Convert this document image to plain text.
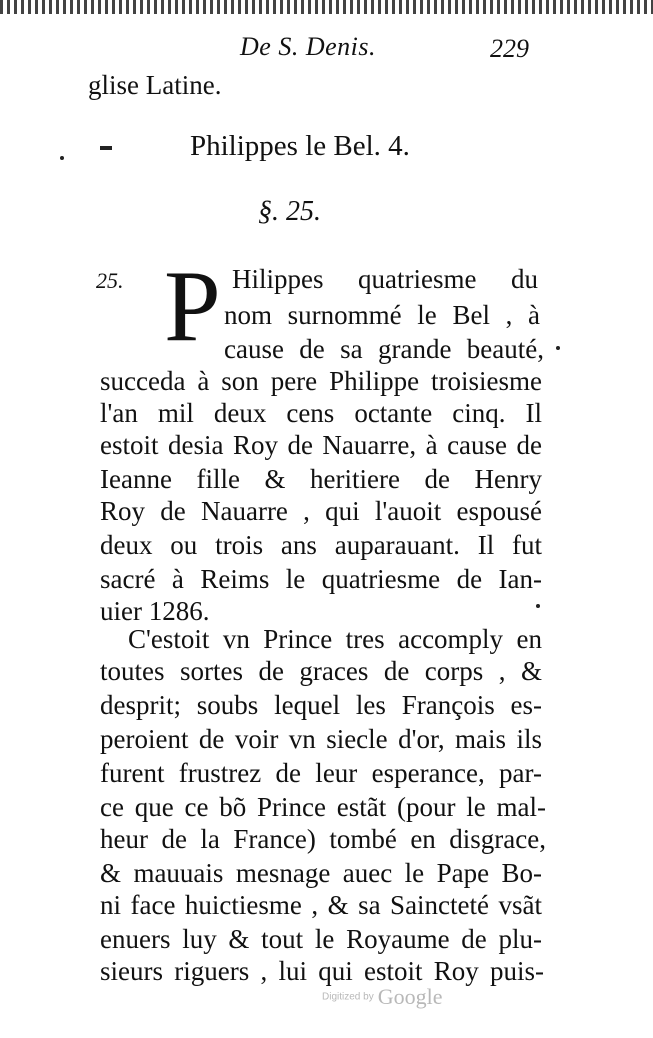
De S. Denis.	229
glise Latine.
Philippes le Bel. 4.
§. 25.
25. P Hilippes quatriesme du
nom surnommé le Bel , à
cause de sa grande beauté,
succeda à son pere Philippe troisiesme
l'an mil deux cens octante cinq. Il
estoit desia Roy de Nauarre, à cause de
Ieanne fille & heritiere de Henry
Roy de Nauarre , qui l'auoit espousé
deux ou trois ans auparauant. Il fut
sacré à Reims le quatriesme de Ian-
uier 1286.
C'estoit vn Prince tres accomply en
toutes sortes de graces de corps , &
desprit; soubs lequel les François es-
peroient de voir vn siecle d'or, mais ils
furent frustrez de leur esperance, par-
ce que ce bõ Prince estãt (pour le mal-
heur de la France) tombé en disgrace,
& mauuais mesnage auec le Pape Bo-
ni face huictiesme , & sa Saincteté vsãt
enuers luy & tout le Royaume de plu-
sieurs riguers , lui qui estoit Roy puis-
Digitized by Google
